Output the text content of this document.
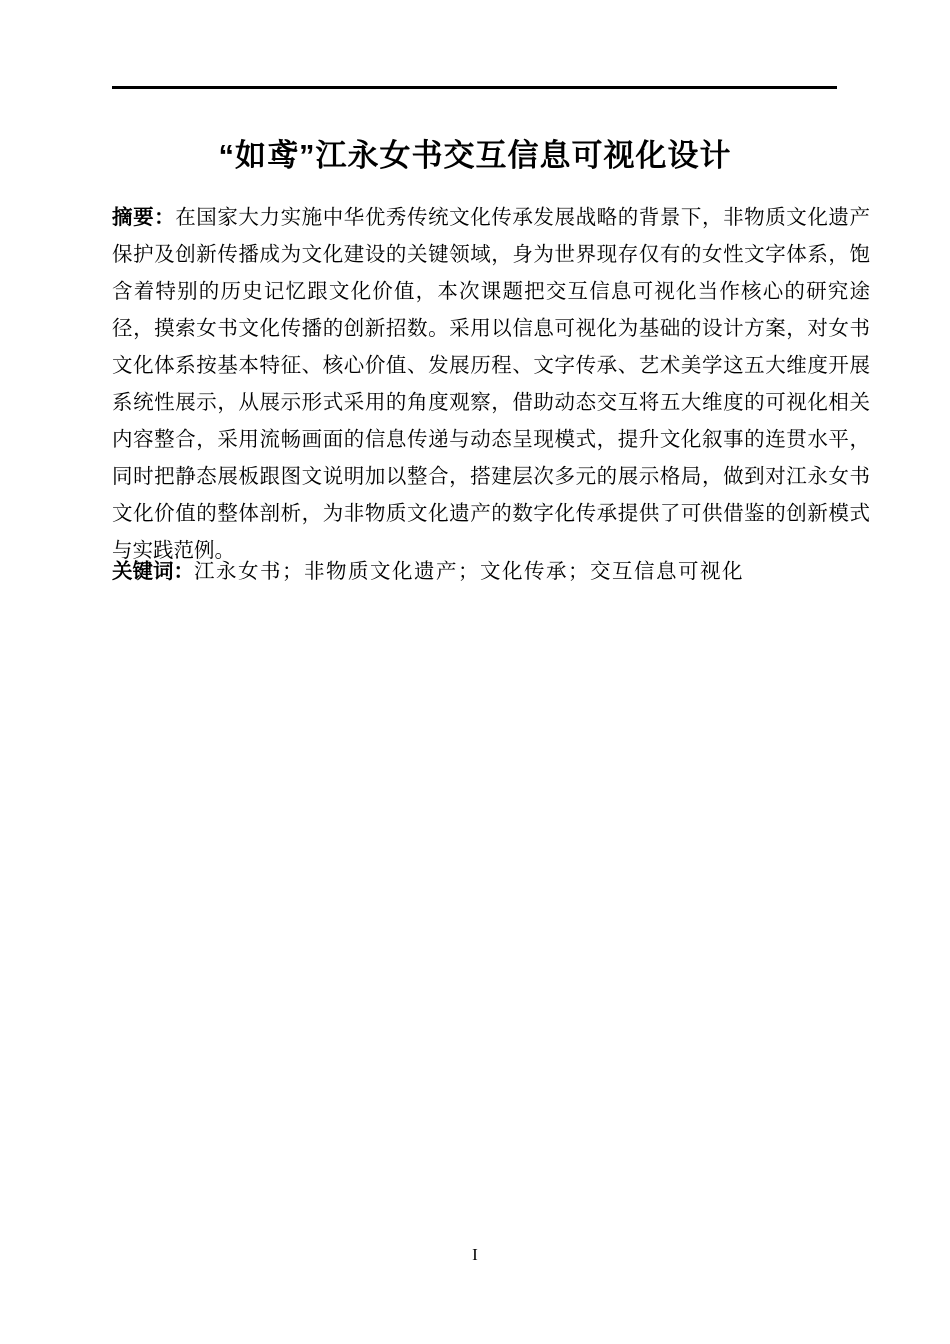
“如鸢”江永女书交互信息可视化设计

摘要：在国家大力实施中华优秀传统文化传承发展战略的背景下，非物质文化遗产保护及创新传播成为文化建设的关键领域，身为世界现存仅有的女性文字体系，饱含着特别的历史记忆跟文化价值，本次课题把交互信息可视化当作核心的研究途径，摸索女书文化传播的创新招数。采用以信息可视化为基础的设计方案，对女书文化体系按基本特征、核心价值、发展历程、文字传承、艺术美学这五大维度开展系统性展示，从展示形式采用的角度观察，借助动态交互将五大维度的可视化相关内容整合，采用流畅画面的信息传递与动态呈现模式，提升文化叙事的连贯水平，同时把静态展板跟图文说明加以整合，搭建层次多元的展示格局，做到对江永女书文化价值的整体剖析，为非物质文化遗产的数字化传承提供了可供借鉴的创新模式与实践范例。

关键词：江永女书；非物质文化遗产；文化传承；交互信息可视化

I
